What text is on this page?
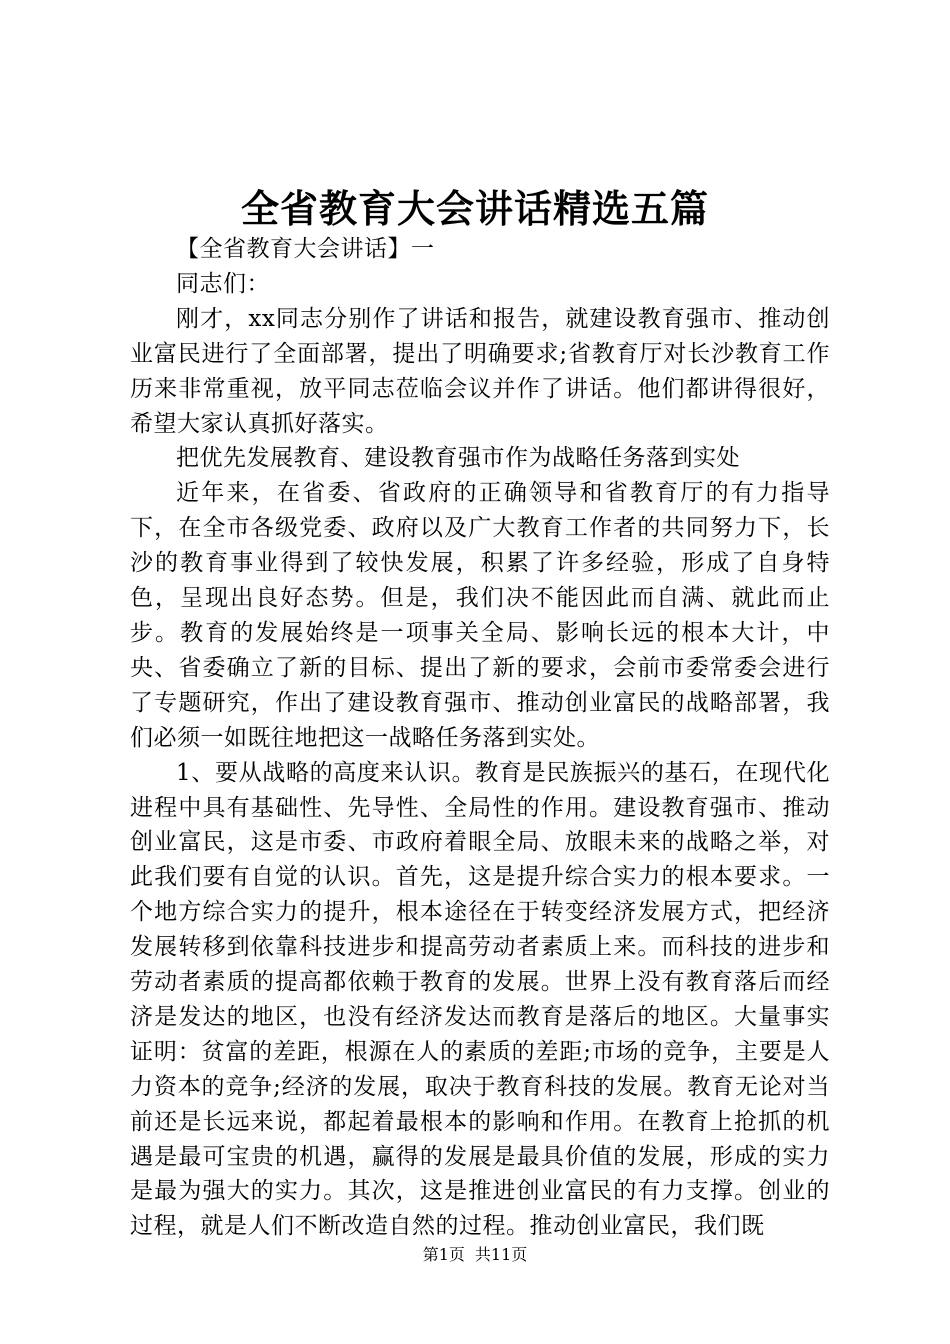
全省教育大会讲话精选五篇

【全省教育大会讲话】一

同志们：

刚才，xx同志分别作了讲话和报告，就建设教育强市、推动创业富民进行了全面部署，提出了明确要求;省教育厅对长沙教育工作历来非常重视，放平同志莅临会议并作了讲话。他们都讲得很好，希望大家认真抓好落实。

把优先发展教育、建设教育强市作为战略任务落到实处

近年来，在省委、省政府的正确领导和省教育厅的有力指导下，在全市各级党委、政府以及广大教育工作者的共同努力下，长沙的教育事业得到了较快发展，积累了许多经验，形成了自身特色，呈现出良好态势。但是，我们决不能因此而自满、就此而止步。教育的发展始终是一项事关全局、影响长远的根本大计，中央、省委确立了新的目标、提出了新的要求，会前市委常委会进行了专题研究，作出了建设教育强市、推动创业富民的战略部署，我们必须一如既往地把这一战略任务落到实处。

1、要从战略的高度来认识。教育是民族振兴的基石，在现代化进程中具有基础性、先导性、全局性的作用。建设教育强市、推动创业富民，这是市委、市政府着眼全局、放眼未来的战略之举，对此我们要有自觉的认识。首先，这是提升综合实力的根本要求。一个地方综合实力的提升，根本途径在于转变经济发展方式，把经济发展转移到依靠科技进步和提高劳动者素质上来。而科技的进步和劳动者素质的提高都依赖于教育的发展。世界上没有教育落后而经济是发达的地区，也没有经济发达而教育是落后的地区。大量事实证明：贫富的差距，根源在人的素质的差距;市场的竞争，主要是人力资本的竞争;经济的发展，取决于教育科技的发展。教育无论对当前还是长远来说，都起着最根本的影响和作用。在教育上抢抓的机遇是最可宝贵的机遇，赢得的发展是最具价值的发展，形成的实力是最为强大的实力。其次，这是推进创业富民的有力支撑。创业的过程，就是人们不断改造自然的过程。推动创业富民，我们既

第1页 共11页
